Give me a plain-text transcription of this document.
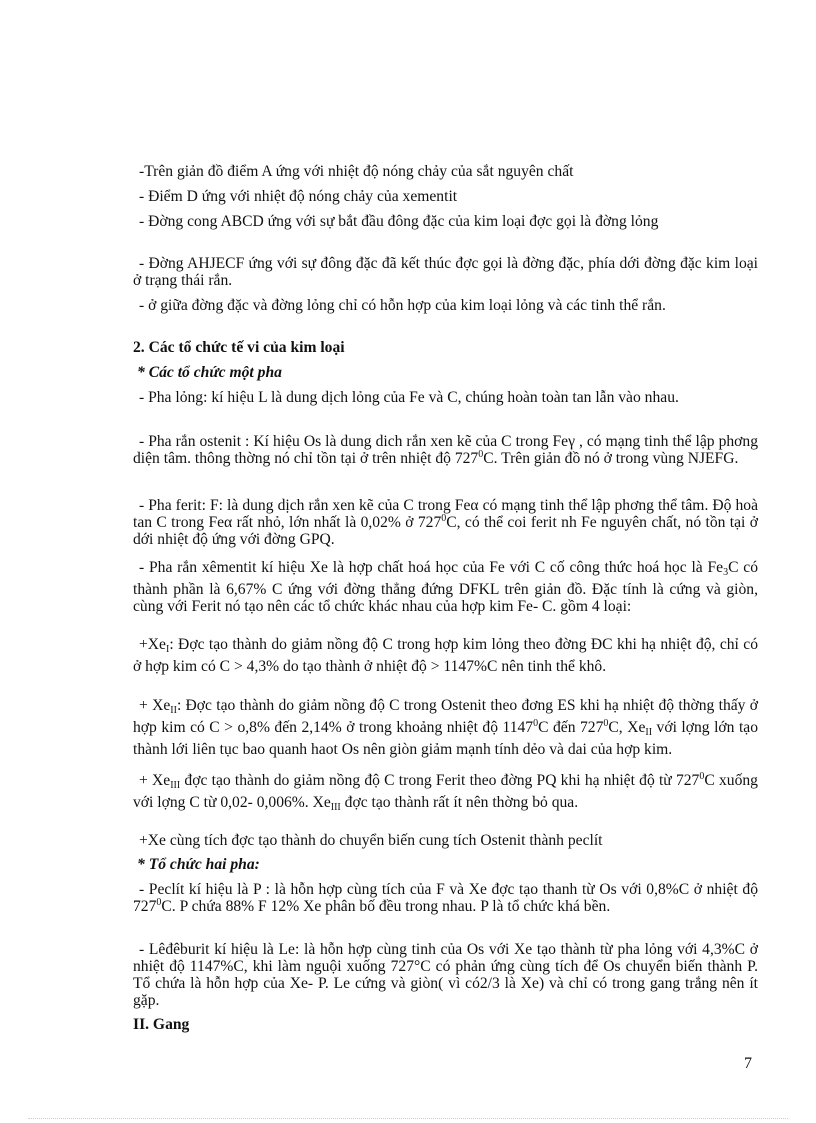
-Trên giản đồ điểm A ứng với nhiệt độ nóng chảy của sắt nguyên chất

- Điểm D ứng với nhiệt độ nóng chảy của xementit

- Đờng cong ABCD ứng với sự bắt đầu đông đặc của kim loại đợc gọi là đờng lỏng

- Đờng AHJECF ứng với sự đông đặc đã kết thúc đợc gọi là đờng đặc, phía dới đờng đặc kim loại ở trạng thái rắn.

- ở giữa đờng đặc và đờng lỏng chỉ có hỗn hợp của kim loại lỏng và các tinh thể rắn.

2. Các tổ chức tế vi của kim loại

* Các tổ chức một pha

- Pha lỏng: kí hiệu L là dung dịch lỏng của Fe và C, chúng hoàn toàn tan lẫn vào nhau.

- Pha rắn ostenit : Kí hiệu Os là dung dich rắn xen kẽ của C trong Feγ , có mạng tinh thể lập phơng diện tâm. thông thờng nó chỉ tồn tại ở trên nhiệt độ $727^0C$. Trên giản đồ nó ở trong vùng NJEFG.

- Pha ferit: F: là dung dịch rắn xen kẽ của C trong Feα có mạng tinh thể lập phơng thể tâm. Độ hoà tan C trong Feα rất nhỏ, lớn nhất là 0,02% ở $727^0C$, có thể coi ferit nh Fe nguyên chất, nó tồn tại ở dới nhiệt độ ứng với đờng GPQ.

- Pha rắn xêmentit kí hiệu Xe là hợp chất hoá học của Fe với C cố công thức hoá học là $Fe_3C$ có thành phần là 6,67% C ứng với đờng thẳng đứng DFKL trên giản đồ. Đặc tính là cứng và giòn, cùng với Ferit nó tạo nên các tổ chức khác nhau của hợp kim Fe- C. gồm 4 loại:

$+Xe_I$: Đợc tạo thành do giảm nồng độ C trong hợp kim lỏng theo đờng ĐC khi hạ nhiệt độ, chỉ có ở hợp kim có C > 4,3% do tạo thành ở nhiệt độ > 1147%C nên tinh thể khô.

+ $Xe_{II}$: Đợc tạo thành do giảm nồng độ C trong Ostenit theo đơng ES khi hạ nhiệt độ thờng thấy ở hợp kim có C > o,8% đến 2,14% ở trong khoảng nhiệt độ 1147$^0$C đến $727^0C$, $Xe_{II}$ với lợng lớn tạo thành lới liên tục bao quanh haot Os nên giòn giảm mạnh tính dẻo và dai của hợp kim.

+ $Xe_{III}$ đợc tạo thành do giảm nồng độ C trong Ferit theo đờng PQ khi hạ nhiệt độ từ $727^0C$ xuống với lợng C từ 0,02- 0,006%. $Xe_{III}$ đợc tạo thành rất ít nên thờng bỏ qua.

+Xe cùng tích đợc tạo thành do chuyển biến cung tích Ostenit thành peclít

* Tổ chức hai pha:

- Peclít kí hiệu là P : là hỗn hợp cùng tích của F và Xe đợc tạo thanh từ Os với 0,8%C ở nhiệt độ $727^0C$. P chứa 88% F 12% Xe phân bố đều trong nhau. P là tổ chức khá bền.

- Lêđêburit kí hiệu là Le: là hỗn hợp cùng tinh của Os với Xe tạo thành từ pha lỏng với 4,3%C ở nhiệt độ 1147%C, khi làm nguội xuống 727°C có phản ứng cùng tích để Os chuyển biến thành P. Tổ chứa là hỗn hợp của Xe- P. Le cứng và giòn( vì có2/3 là Xe) và chỉ có trong gang trắng nên ít gặp.

II. Gang

7
